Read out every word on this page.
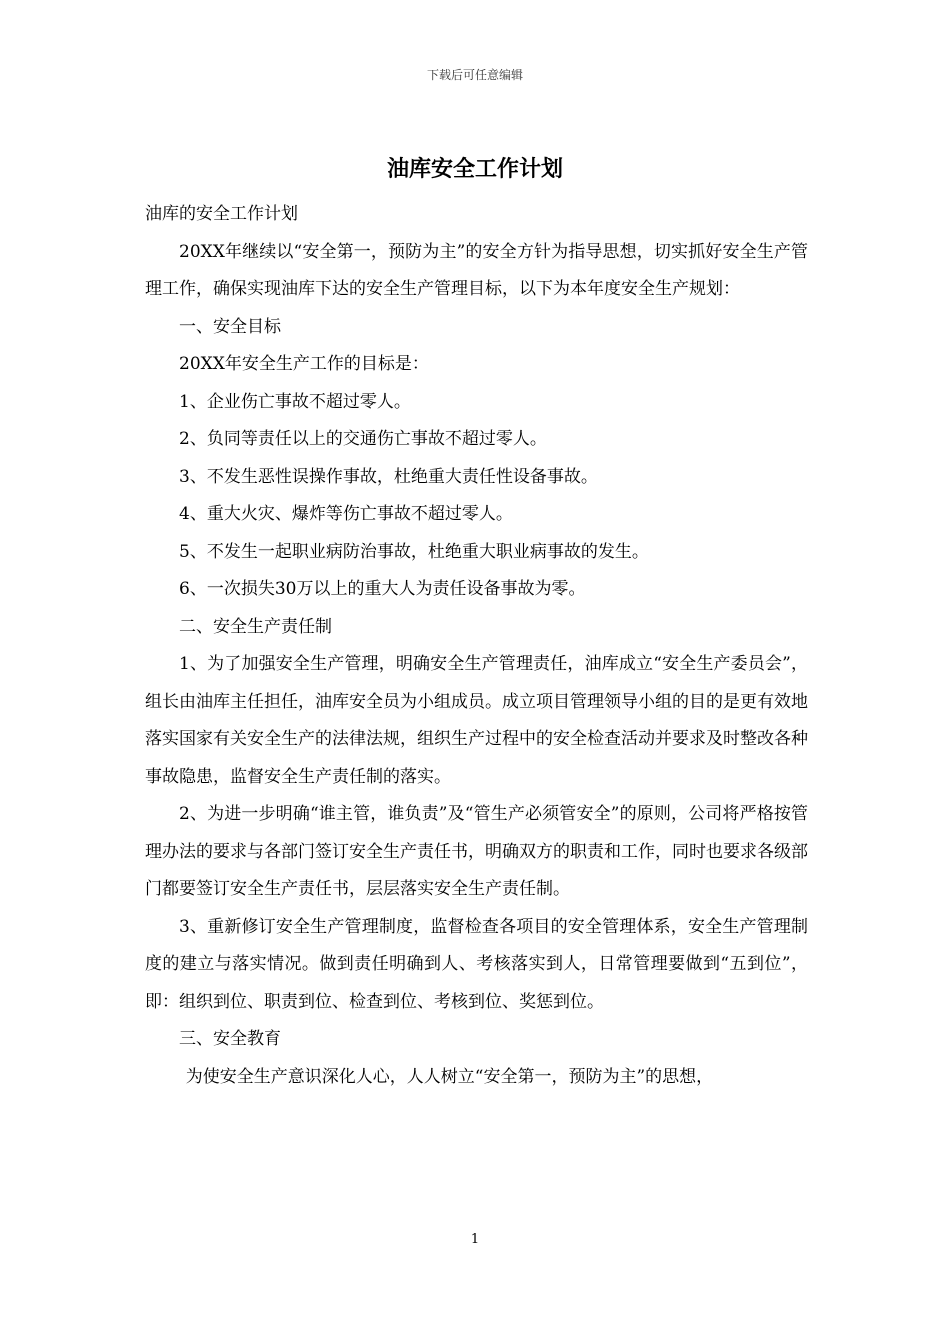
下载后可任意编辑
油库安全工作计划

油库的安全工作计划

20XX年继续以“安全第一，预防为主”的安全方针为指导思想，切实抓好安全生产管理工作，确保实现油库下达的安全生产管理目标，以下为本年度安全生产规划：

一、安全目标

20XX年安全生产工作的目标是：

1、企业伤亡事故不超过零人。

2、负同等责任以上的交通伤亡事故不超过零人。

3、不发生恶性误操作事故，杜绝重大责任性设备事故。

4、重大火灾、爆炸等伤亡事故不超过零人。

5、不发生一起职业病防治事故，杜绝重大职业病事故的发生。

6、一次损失30万以上的重大人为责任设备事故为零。

二、安全生产责任制

1、为了加强安全生产管理，明确安全生产管理责任，油库成立“安全生产委员会”，组长由油库主任担任，油库安全员为小组成员。成立项目管理领导小组的目的是更有效地落实国家有关安全生产的法律法规，组织生产过程中的安全检查活动并要求及时整改各种事故隐患，监督安全生产责任制的落实。

2、为进一步明确“谁主管，谁负责”及“管生产必须管安全”的原则，公司将严格按管理办法的要求与各部门签订安全生产责任书，明确双方的职责和工作，同时也要求各级部门都要签订安全生产责任书，层层落实安全生产责任制。

3、重新修订安全生产管理制度，监督检查各项目的安全管理体系，安全生产管理制度的建立与落实情况。做到责任明确到人、考核落实到人，日常管理要做到“五到位”，即：组织到位、职责到位、检查到位、考核到位、奖惩到位。

三、安全教育

为使安全生产意识深化人心，人人树立“安全第一，预防为主”的思想，

1
